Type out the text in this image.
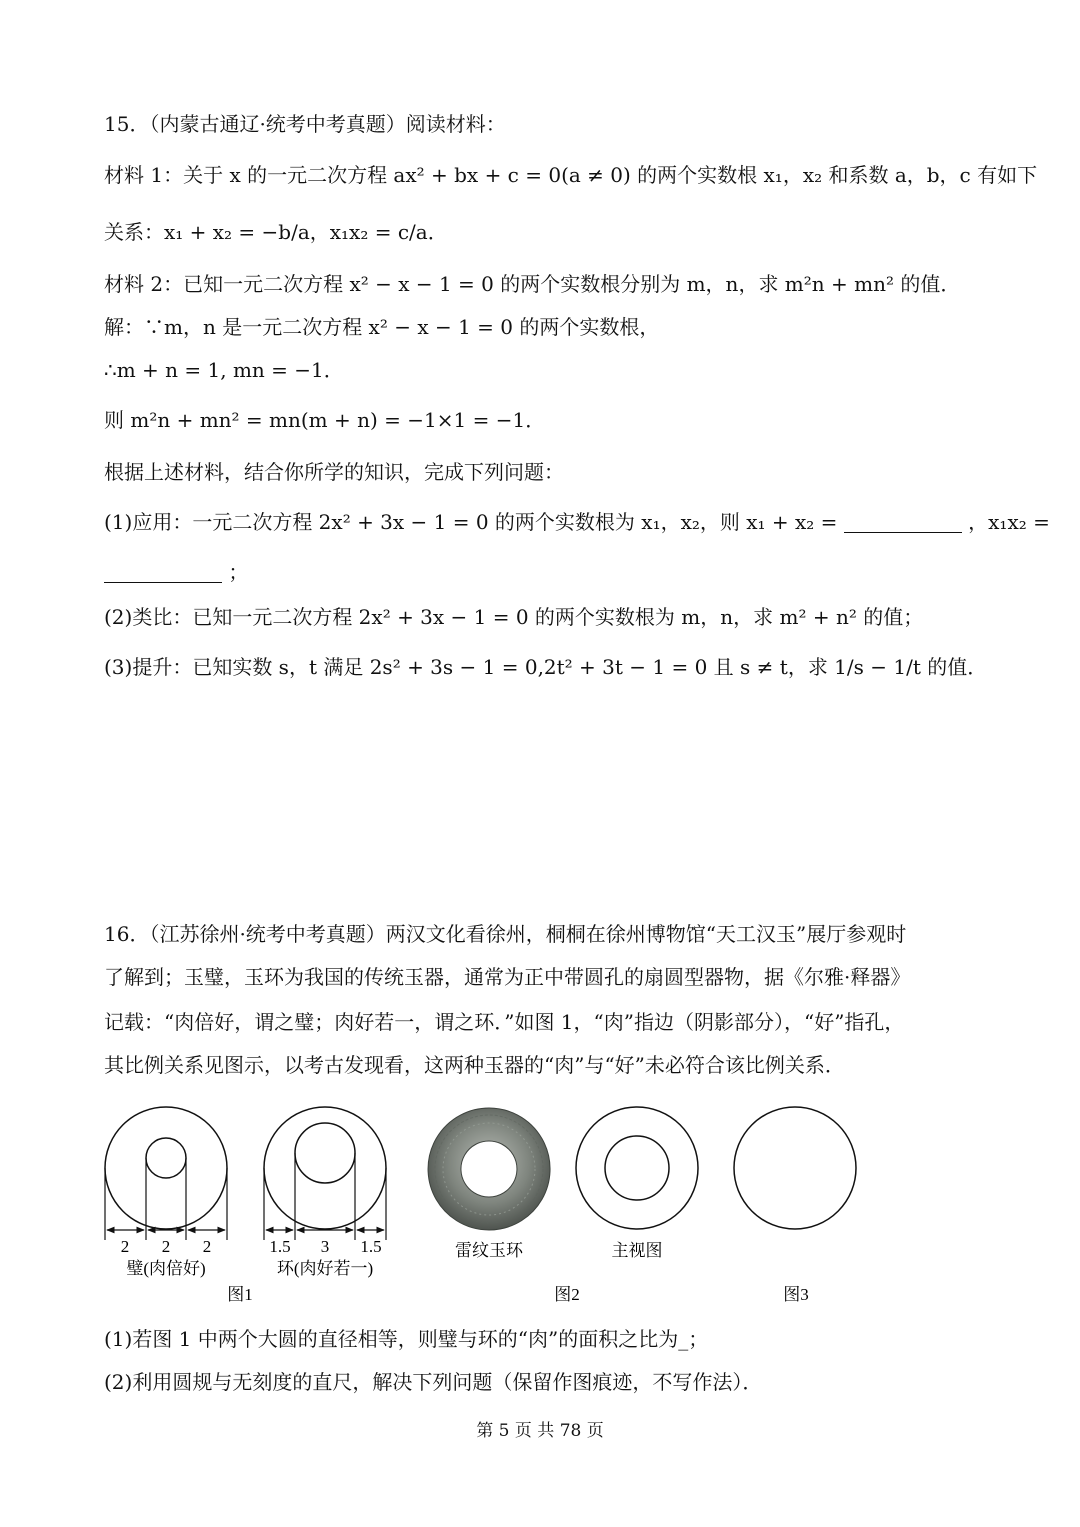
15．（内蒙古通辽·统考中考真题）阅读材料：
材料 1：关于 x 的一元二次方程 ax² + bx + c = 0(a ≠ 0) 的两个实数根 x₁，x₂ 和系数 a，b，c 有如下
关系：x₁ + x₂ = −b/a，x₁x₂ = c/a．
材料 2：已知一元二次方程 x² − x − 1 = 0 的两个实数根分别为 m，n，求 m²n + mn² 的值．
解：∵m，n 是一元二次方程 x² − x − 1 = 0 的两个实数根，
∴m + n = 1, mn = −1．
则 m²n + mn² = mn(m + n) = −1×1 = −1．
根据上述材料，结合你所学的知识，完成下列问题：
(1)应用：一元二次方程 2x² + 3x − 1 = 0 的两个实数根为 x₁，x₂，则 x₁ + x₂ =	，x₁x₂ =
；
(2)类比：已知一元二次方程 2x² + 3x − 1 = 0 的两个实数根为 m，n，求 m² + n² 的值；
(3)提升：已知实数 s，t 满足 2s² + 3s − 1 = 0,2t² + 3t − 1 = 0 且 s ≠ t，求 1/s − 1/t 的值．
16．（江苏徐州·统考中考真题）两汉文化看徐州，桐桐在徐州博物馆“天工汉玉”展厅参观时
了解到；玉璧，玉环为我国的传统玉器，通常为正中带圆孔的扇圆型器物，据《尔雅·释器》
记载：“肉倍好，谓之璧；肉好若一，谓之环．”如图 1，“肉”指边（阴影部分），“好”指孔，
其比例关系见图示，以考古发现看，这两种玉器的“肉”与“好”未必符合该比例关系．
2 2 2
璧(肉倍好)
1.5 3 1.5
环(肉好若一)
雷纹玉环	主视图
图1	图2	图3
(1)若图 1 中两个大圆的直径相等，则璧与环的“肉”的面积之比为_；
(2)利用圆规与无刻度的直尺，解决下列问题（保留作图痕迹，不写作法）．
第 5 页 共 78 页
